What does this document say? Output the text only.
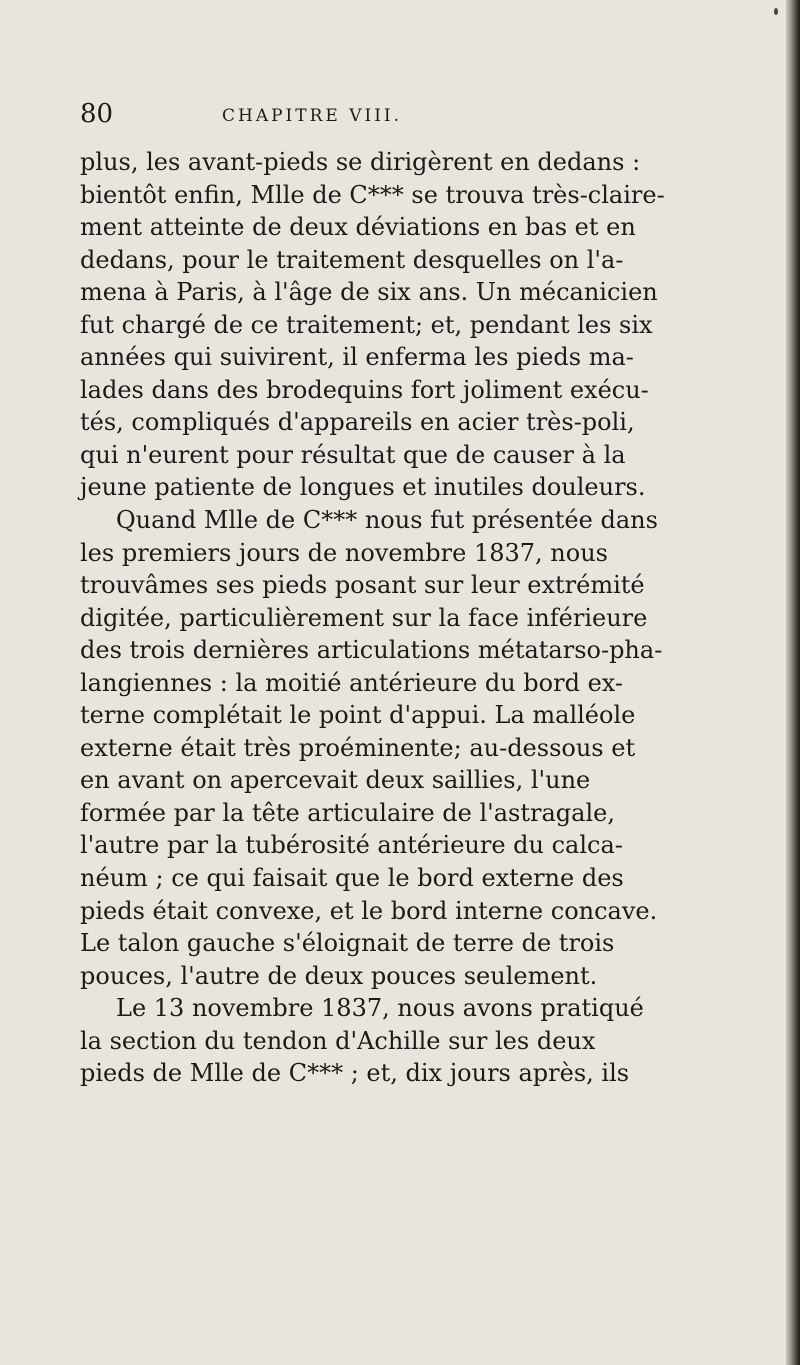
80	CHAPITRE VIII.
plus, les avant-pieds se dirigèrent en dedans :
bientôt enfin, Mlle de C*** se trouva très-claire-
ment atteinte de deux déviations en bas et en
dedans, pour le traitement desquelles on l'a-
mena à Paris, à l'âge de six ans. Un mécanicien
fut chargé de ce traitement; et, pendant les six
années qui suivirent, il enferma les pieds ma-
lades dans des brodequins fort joliment exécu-
tés, compliqués d'appareils en acier très-poli,
qui n'eurent pour résultat que de causer à la
jeune patiente de longues et inutiles douleurs.
Quand Mlle de C*** nous fut présentée dans
les premiers jours de novembre 1837, nous
trouvâmes ses pieds posant sur leur extrémité
digitée, particulièrement sur la face inférieure
des trois dernières articulations métatarso-pha-
langiennes : la moitié antérieure du bord ex-
terne complétait le point d'appui. La malléole
externe était très proéminente; au-dessous et
en avant on apercevait deux saillies, l'une
formée par la tête articulaire de l'astragale,
l'autre par la tubérosité antérieure du calca-
néum ; ce qui faisait que le bord externe des
pieds était convexe, et le bord interne concave.
Le talon gauche s'éloignait de terre de trois
pouces, l'autre de deux pouces seulement.
Le 13 novembre 1837, nous avons pratiqué
la section du tendon d'Achille sur les deux
pieds de Mlle de C*** ; et, dix jours après, ils
